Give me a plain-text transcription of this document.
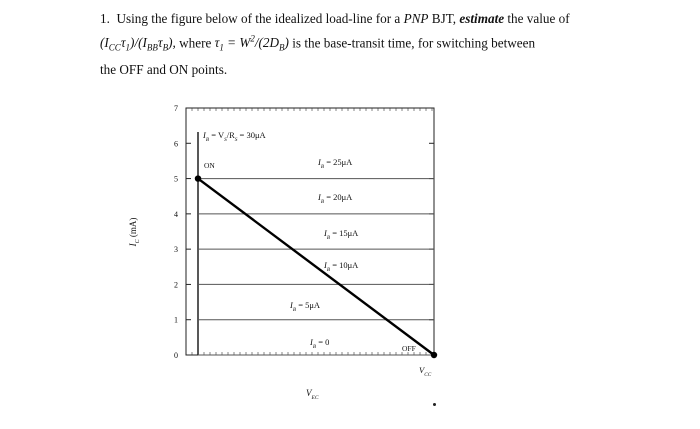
1. Using the figure below of the idealized load-line for a PNP BJT, estimate the value of
$(I_{CC}\tau_1)/(I_{BB}\tau_B)$, where $\tau_1 = W^2/(2D_B)$ is the base-transit time, for switching between
the OFF and ON points.
0
1
2
3
4
5
6
7
$I_B = 25\mu A$
$I_B = 20\mu A$
$I_B = 15\mu A$
$I_B = 10\mu A$
$I_B = 5\mu A$
$I_B = 0$
$I_B = V_S/R_S = 30\mu A$
ON
OFF
$V_{CC}$
$V_{EC}$
$I_C$ (mA)
